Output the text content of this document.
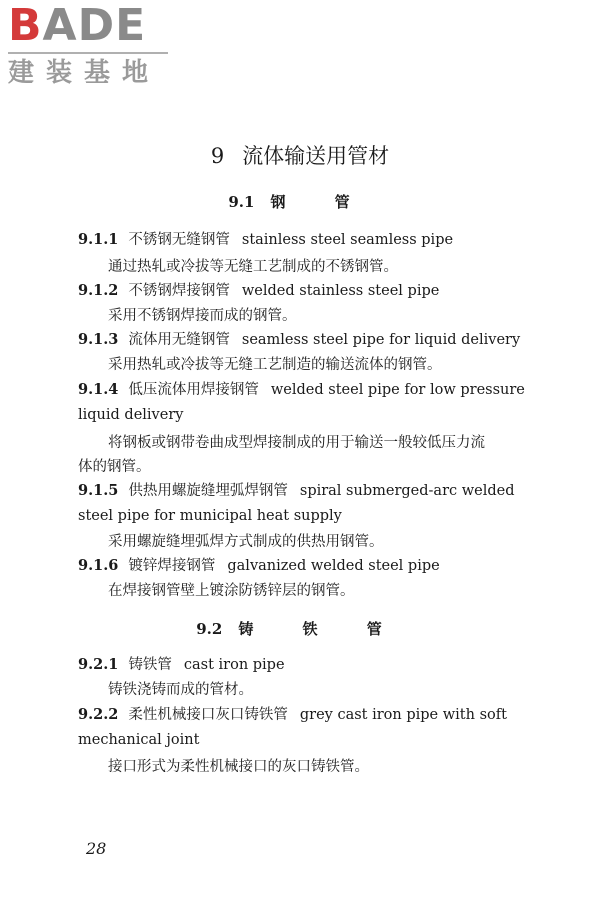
B ADE
建装基地
9 流体输送用管材
9.1 钢 管
9.1.1 不锈钢无缝钢管 stainless steel seamless pipe
通过热轧或冷拔等无缝工艺制成的不锈钢管。
9.1.2 不锈钢焊接钢管 welded stainless steel pipe
采用不锈钢焊接而成的钢管。
9.1.3 流体用无缝钢管 seamless steel pipe for liquid delivery
采用热轧或冷拔等无缝工艺制造的输送流体的钢管。
9.1.4 低压流体用焊接钢管 welded steel pipe for low pressure
liquid delivery
将钢板或钢带卷曲成型焊接制成的用于输送一般较低压力流
体的钢管。
9.1.5 供热用螺旋缝埋弧焊钢管 spiral submerged-arc welded
steel pipe for municipal heat supply
采用螺旋缝埋弧焊方式制成的供热用钢管。
9.1.6 镀锌焊接钢管 galvanized welded steel pipe
在焊接钢管壁上镀涂防锈锌层的钢管。
9.2 铸 铁 管
9.2.1 铸铁管 cast iron pipe
铸铁浇铸而成的管材。
9.2.2 柔性机械接口灰口铸铁管 grey cast iron pipe with soft
mechanical joint
接口形式为柔性机械接口的灰口铸铁管。
28
